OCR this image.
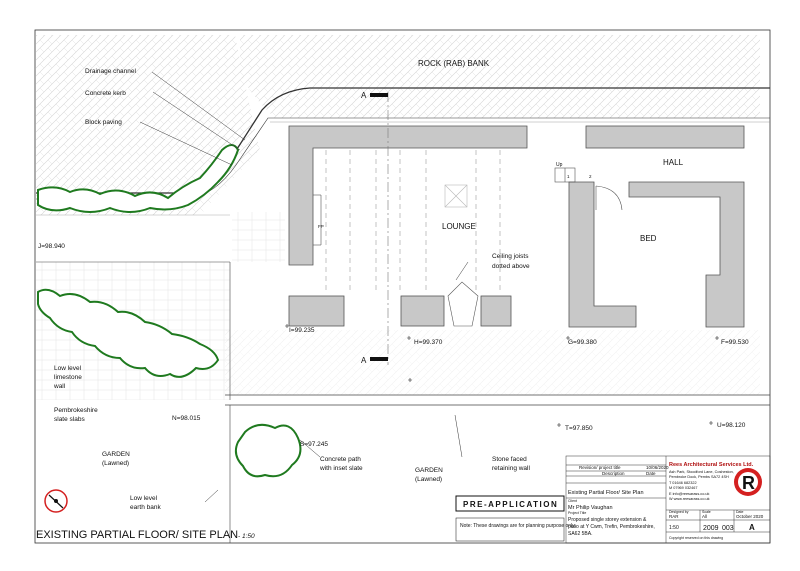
ROCK (RAB) BANK
Drainage channel
Concrete kerb
Block paving
A
A
LOUNGE
HALL
BED
FP
Up
1	2
Ceiling joists
dotted above
Low level
limestone
wall
Pembrokeshire
slate slabs
GARDEN
(Lawned)
Low level
earth bank
Concrete path
with inset slate	GARDEN
(Lawned)
Stone faced
retaining wall
J=98.940
I=99.235
H=99.370	G=99.380	F=99.530
N=98.015
S=97.245
T=97.850	U=98.120
EXISTING PARTIAL FLOOR/ SITE PLAN - 1:50
PRE-APPLICATION
Note: These drawings are for planning purpose only.
Revision/ project title	10/06/2020
Description	Date
Existing Partial Floor/ Site Plan
Client
Mr Philip Vaughan
Project Title
Proposed single storey extension &
patio at Y Cwm, Trefin, Pembrokeshire,
SA62 5BA.
Rees Architectural Services Ltd.
Ash Park, Stoodford Lane, Cosheston,
Pembroke Dock, Pembs SA72 4SH
T 01646 682322
M 07969 032467
E info@reesarass.co.uk
W www.reesarass.co.uk
R
Designed by
RAR
Scale
All
Date
October 2020
1:50	2009 003 A
Copyright reserved on this drawing
